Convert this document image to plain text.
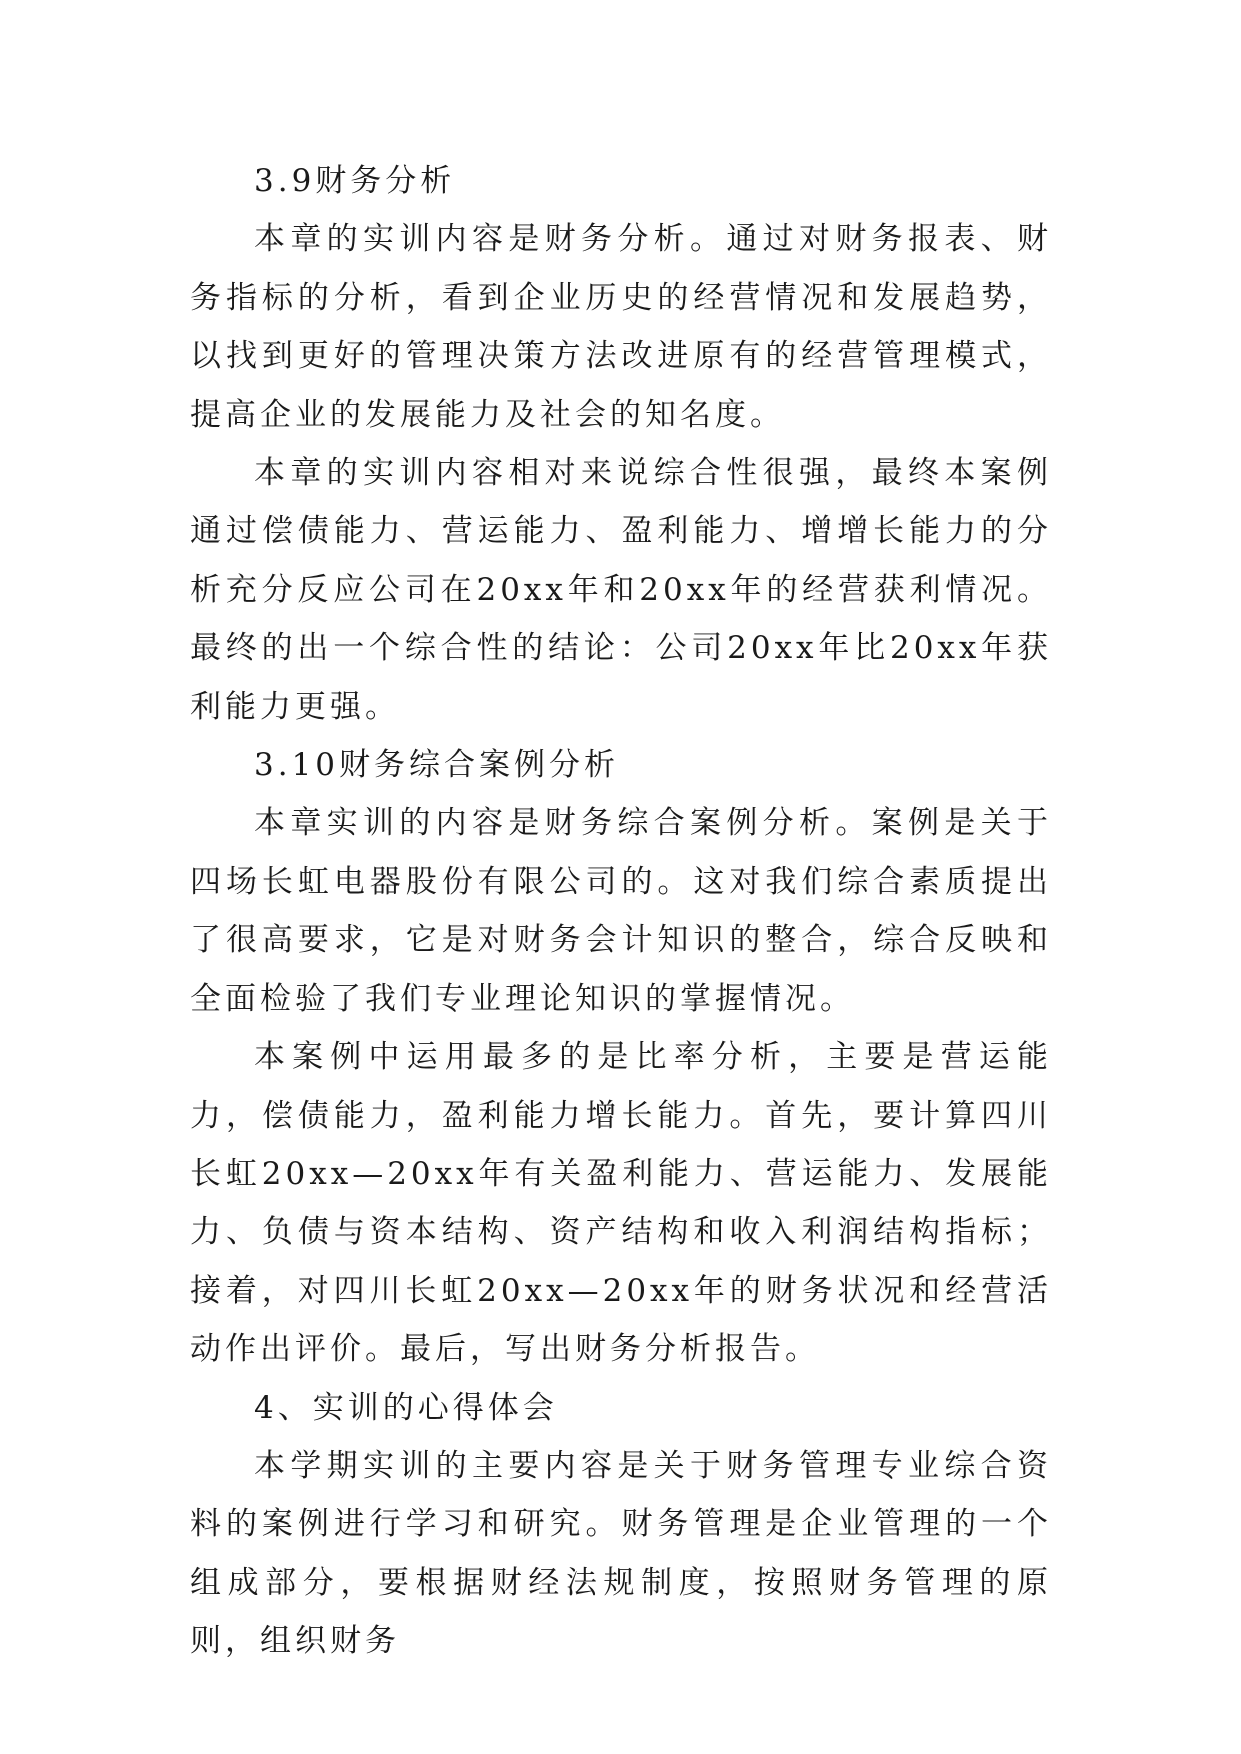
3.9财务分析

本章的实训内容是财务分析。通过对财务报表、财务指标的分析，看到企业历史的经营情况和发展趋势，以找到更好的管理决策方法改进原有的经营管理模式，提高企业的发展能力及社会的知名度。

本章的实训内容相对来说综合性很强，最终本案例通过偿债能力、营运能力、盈利能力、增增长能力的分析充分反应公司在20xx年和20xx年的经营获利情况。最终的出一个综合性的结论：公司20xx年比20xx年获利能力更强。

3.10财务综合案例分析

本章实训的内容是财务综合案例分析。案例是关于四场长虹电器股份有限公司的。这对我们综合素质提出了很高要求，它是对财务会计知识的整合，综合反映和全面检验了我们专业理论知识的掌握情况。

本案例中运用最多的是比率分析，主要是营运能力，偿债能力，盈利能力增长能力。首先，要计算四川长虹20xx—20xx年有关盈利能力、营运能力、发展能力、负债与资本结构、资产结构和收入利润结构指标；接着，对四川长虹20xx—20xx年的财务状况和经营活动作出评价。最后，写出财务分析报告。

4、实训的心得体会

本学期实训的主要内容是关于财务管理专业综合资料的案例进行学习和研究。财务管理是企业管理的一个组成部分，要根据财经法规制度，按照财务管理的原则，组织财务
